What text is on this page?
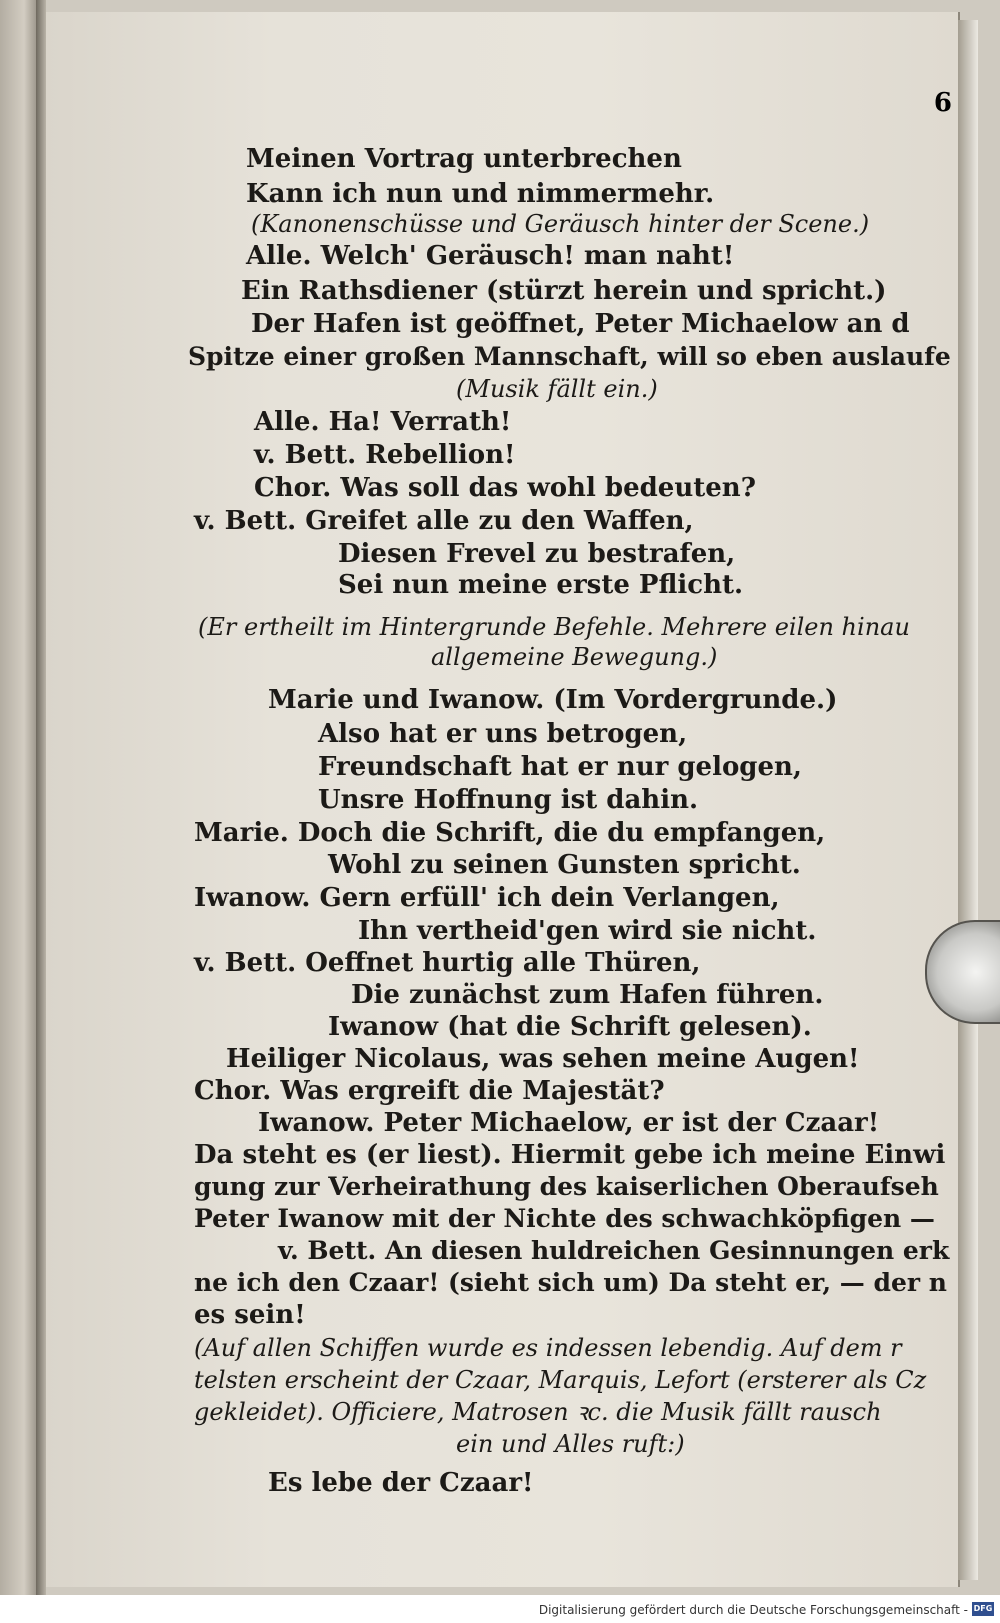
6
Meinen Vortrag unterbrechen
Kann ich nun und nimmermehr.
(Kanonenschüsse und Geräusch hinter der Scene.)
Alle. Welch' Geräusch! man naht!
Ein Rathsdiener (stürzt herein und spricht.)
Der Hafen ist geöffnet, Peter Michaelow an d
Spitze einer großen Mannschaft, will so eben auslaufe
(Musik fällt ein.)
Alle. Ha! Verrath!
v. Bett. Rebellion!
Chor. Was soll das wohl bedeuten?
v. Bett. Greifet alle zu den Waffen,
Diesen Frevel zu bestrafen,
Sei nun meine erste Pflicht.
(Er ertheilt im Hintergrunde Befehle. Mehrere eilen hinau
allgemeine Bewegung.)
Marie und Iwanow. (Im Vordergrunde.)
Also hat er uns betrogen,
Freundschaft hat er nur gelogen,
Unsre Hoffnung ist dahin.
Marie. Doch die Schrift, die du empfangen,
Wohl zu seinen Gunsten spricht.
Iwanow. Gern erfüll' ich dein Verlangen,
Ihn vertheid'gen wird sie nicht.
v. Bett. Oeffnet hurtig alle Thüren,
Die zunächst zum Hafen führen.
Iwanow (hat die Schrift gelesen).
Heiliger Nicolaus, was sehen meine Augen!
Chor. Was ergreift die Majestät?
Iwanow. Peter Michaelow, er ist der Czaar!
Da steht es (er liest). Hiermit gebe ich meine Einwi
gung zur Verheirathung des kaiserlichen Oberaufseh
Peter Iwanow mit der Nichte des schwachköpfigen —
v. Bett. An diesen huldreichen Gesinnungen erk
ne ich den Czaar! (sieht sich um) Da steht er, — der n
es sein!
(Auf allen Schiffen wurde es indessen lebendig. Auf dem r
telsten erscheint der Czaar, Marquis, Lefort (ersterer als Cz
gekleidet). Officiere, Matrosen ꝛc. die Musik fällt rausch
ein und Alles ruft:)
Es lebe der Czaar!
Digitalisierung gefördert durch die Deutsche Forschungsgemeinschaft - DFG
